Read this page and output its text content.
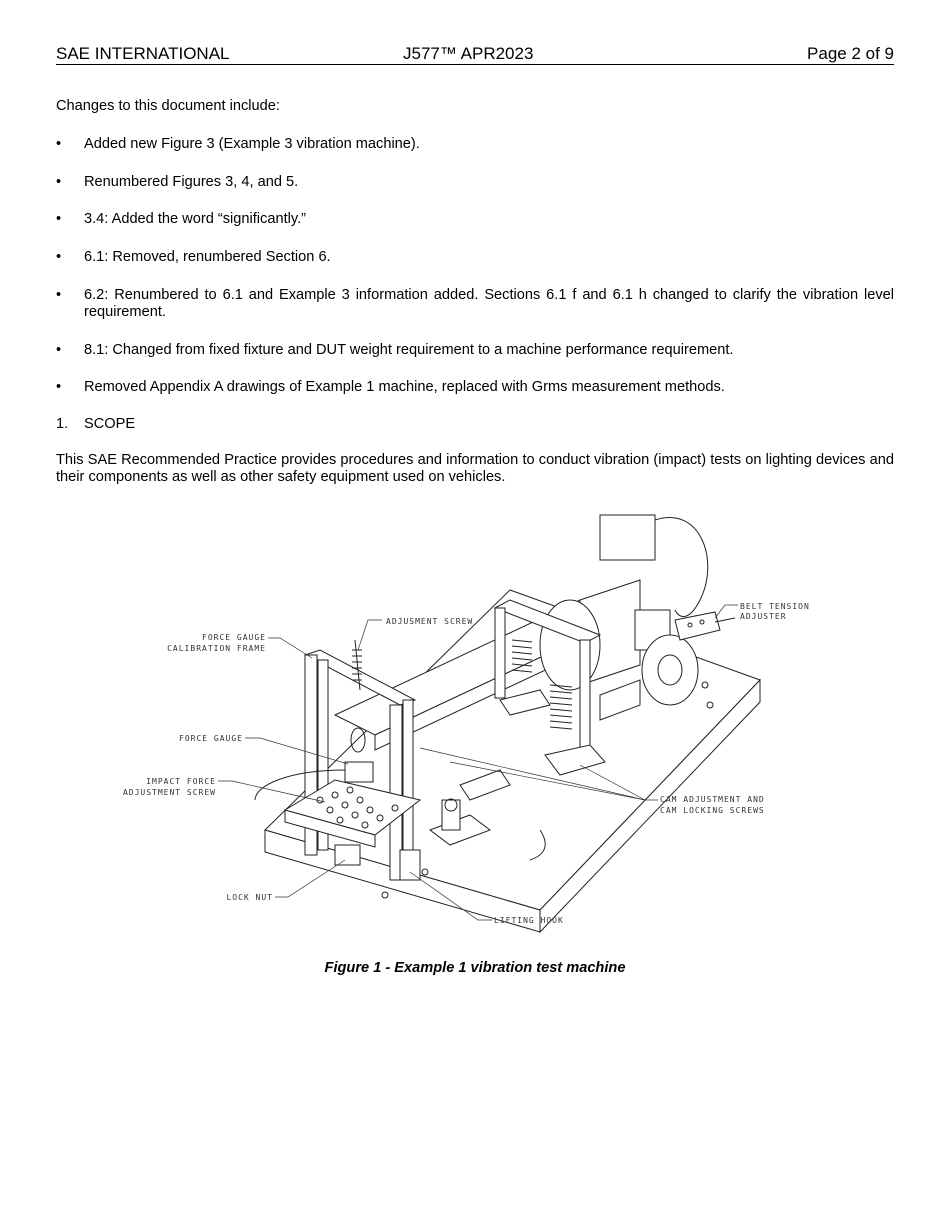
SAE INTERNATIONAL	J577™ APR2023	Page 2 of 9
Changes to this document include:
• Added new Figure 3 (Example 3 vibration machine).
• Renumbered Figures 3, 4, and 5.
• 3.4: Added the word “significantly.”
• 6.1: Removed, renumbered Section 6.
• 6.2: Renumbered to 6.1 and Example 3 information added. Sections 6.1 f and 6.1 h changed to clarify the vibration level requirement.
• 8.1: Changed from fixed fixture and DUT weight requirement to a machine performance requirement.
• Removed Appendix A drawings of Example 1 machine, replaced with Grms measurement methods.
1. SCOPE
This SAE Recommended Practice provides procedures and information to conduct vibration (impact) tests on lighting devices and their components as well as other safety equipment used on vehicles.
ADJUSMENT SCREW
BELT TENSION
ADJUSTER
FORCE GAUGE
CALIBRATION FRAME
FORCE GAUGE
IMPACT FORCE
ADJUSTMENT SCREW
CAM ADJUSTMENT AND
CAM LOCKING SCREWS
LOCK NUT
LIFTING HOOK
Figure 1 - Example 1 vibration test machine
